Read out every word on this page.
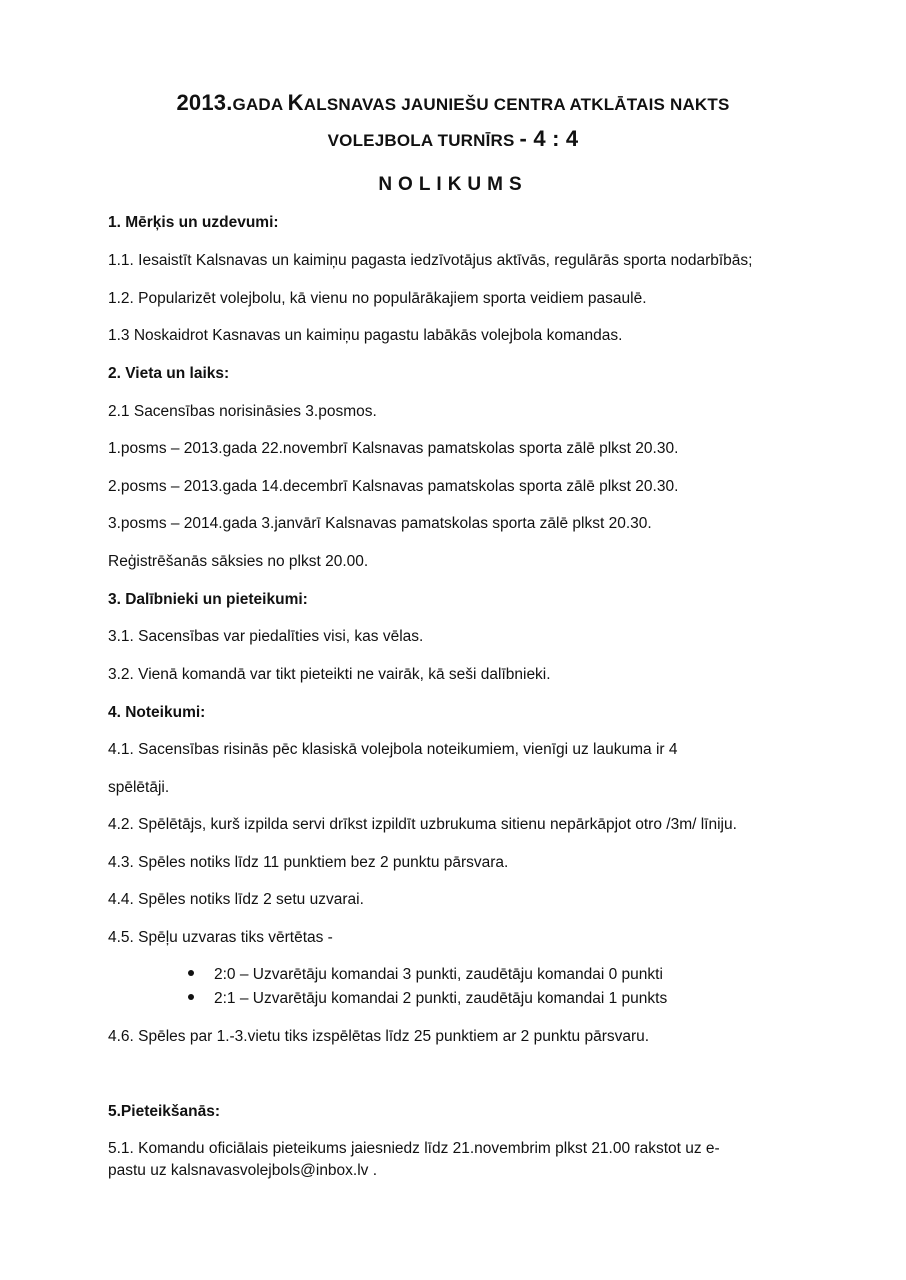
2013.GADA KALSNAVAS JAUNIEŠU CENTRA ATKLĀTAIS NAKTS
VOLEJBOLA TURNĪRS - 4 : 4
NOLIKUMS
1. Mērķis un uzdevumi:
1.1. Iesaistīt Kalsnavas un kaimiņu pagasta iedzīvotājus aktīvās, regulārās sporta nodarbībās;
1.2. Popularizēt volejbolu, kā vienu no populārākajiem sporta veidiem pasaulē.
1.3 Noskaidrot Kasnavas un kaimiņu pagastu labākās volejbola komandas.
2. Vieta un laiks:
2.1 Sacensības norisināsies 3.posmos.
1.posms – 2013.gada 22.novembrī Kalsnavas pamatskolas sporta zālē plkst 20.30.
2.posms – 2013.gada 14.decembrī Kalsnavas pamatskolas sporta zālē plkst 20.30.
3.posms – 2014.gada 3.janvārī Kalsnavas pamatskolas sporta zālē plkst 20.30.
Reģistrēšanās sāksies no plkst 20.00.
3. Dalībnieki un pieteikumi:
3.1. Sacensības var piedalīties visi, kas vēlas.
3.2. Vienā komandā var tikt pieteikti ne vairāk, kā seši dalībnieki.
4. Noteikumi:
4.1. Sacensības risinās pēc klasiskā volejbola noteikumiem, vienīgi uz laukuma ir 4
spēlētāji.
4.2. Spēlētājs, kurš izpilda servi drīkst izpildīt uzbrukuma sitienu nepārkāpjot otro /3m/ līniju.
4.3. Spēles notiks līdz 11 punktiem bez 2 punktu pārsvara.
4.4. Spēles notiks līdz 2 setu uzvarai.
4.5. Spēļu uzvaras tiks vērtētas -
2:0 – Uzvarētāju komandai 3 punkti, zaudētāju komandai 0 punkti
2:1 – Uzvarētāju komandai 2 punkti, zaudētāju komandai 1 punkts
4.6. Spēles par 1.-3.vietu tiks izspēlētas līdz 25 punktiem ar 2 punktu pārsvaru.
5.Pieteikšanās:
5.1. Komandu oficiālais pieteikums jaiesniedz līdz 21.novembrim plkst 21.00 rakstot uz e-
pastu uz kalsnavasvolejbols@inbox.lv .
